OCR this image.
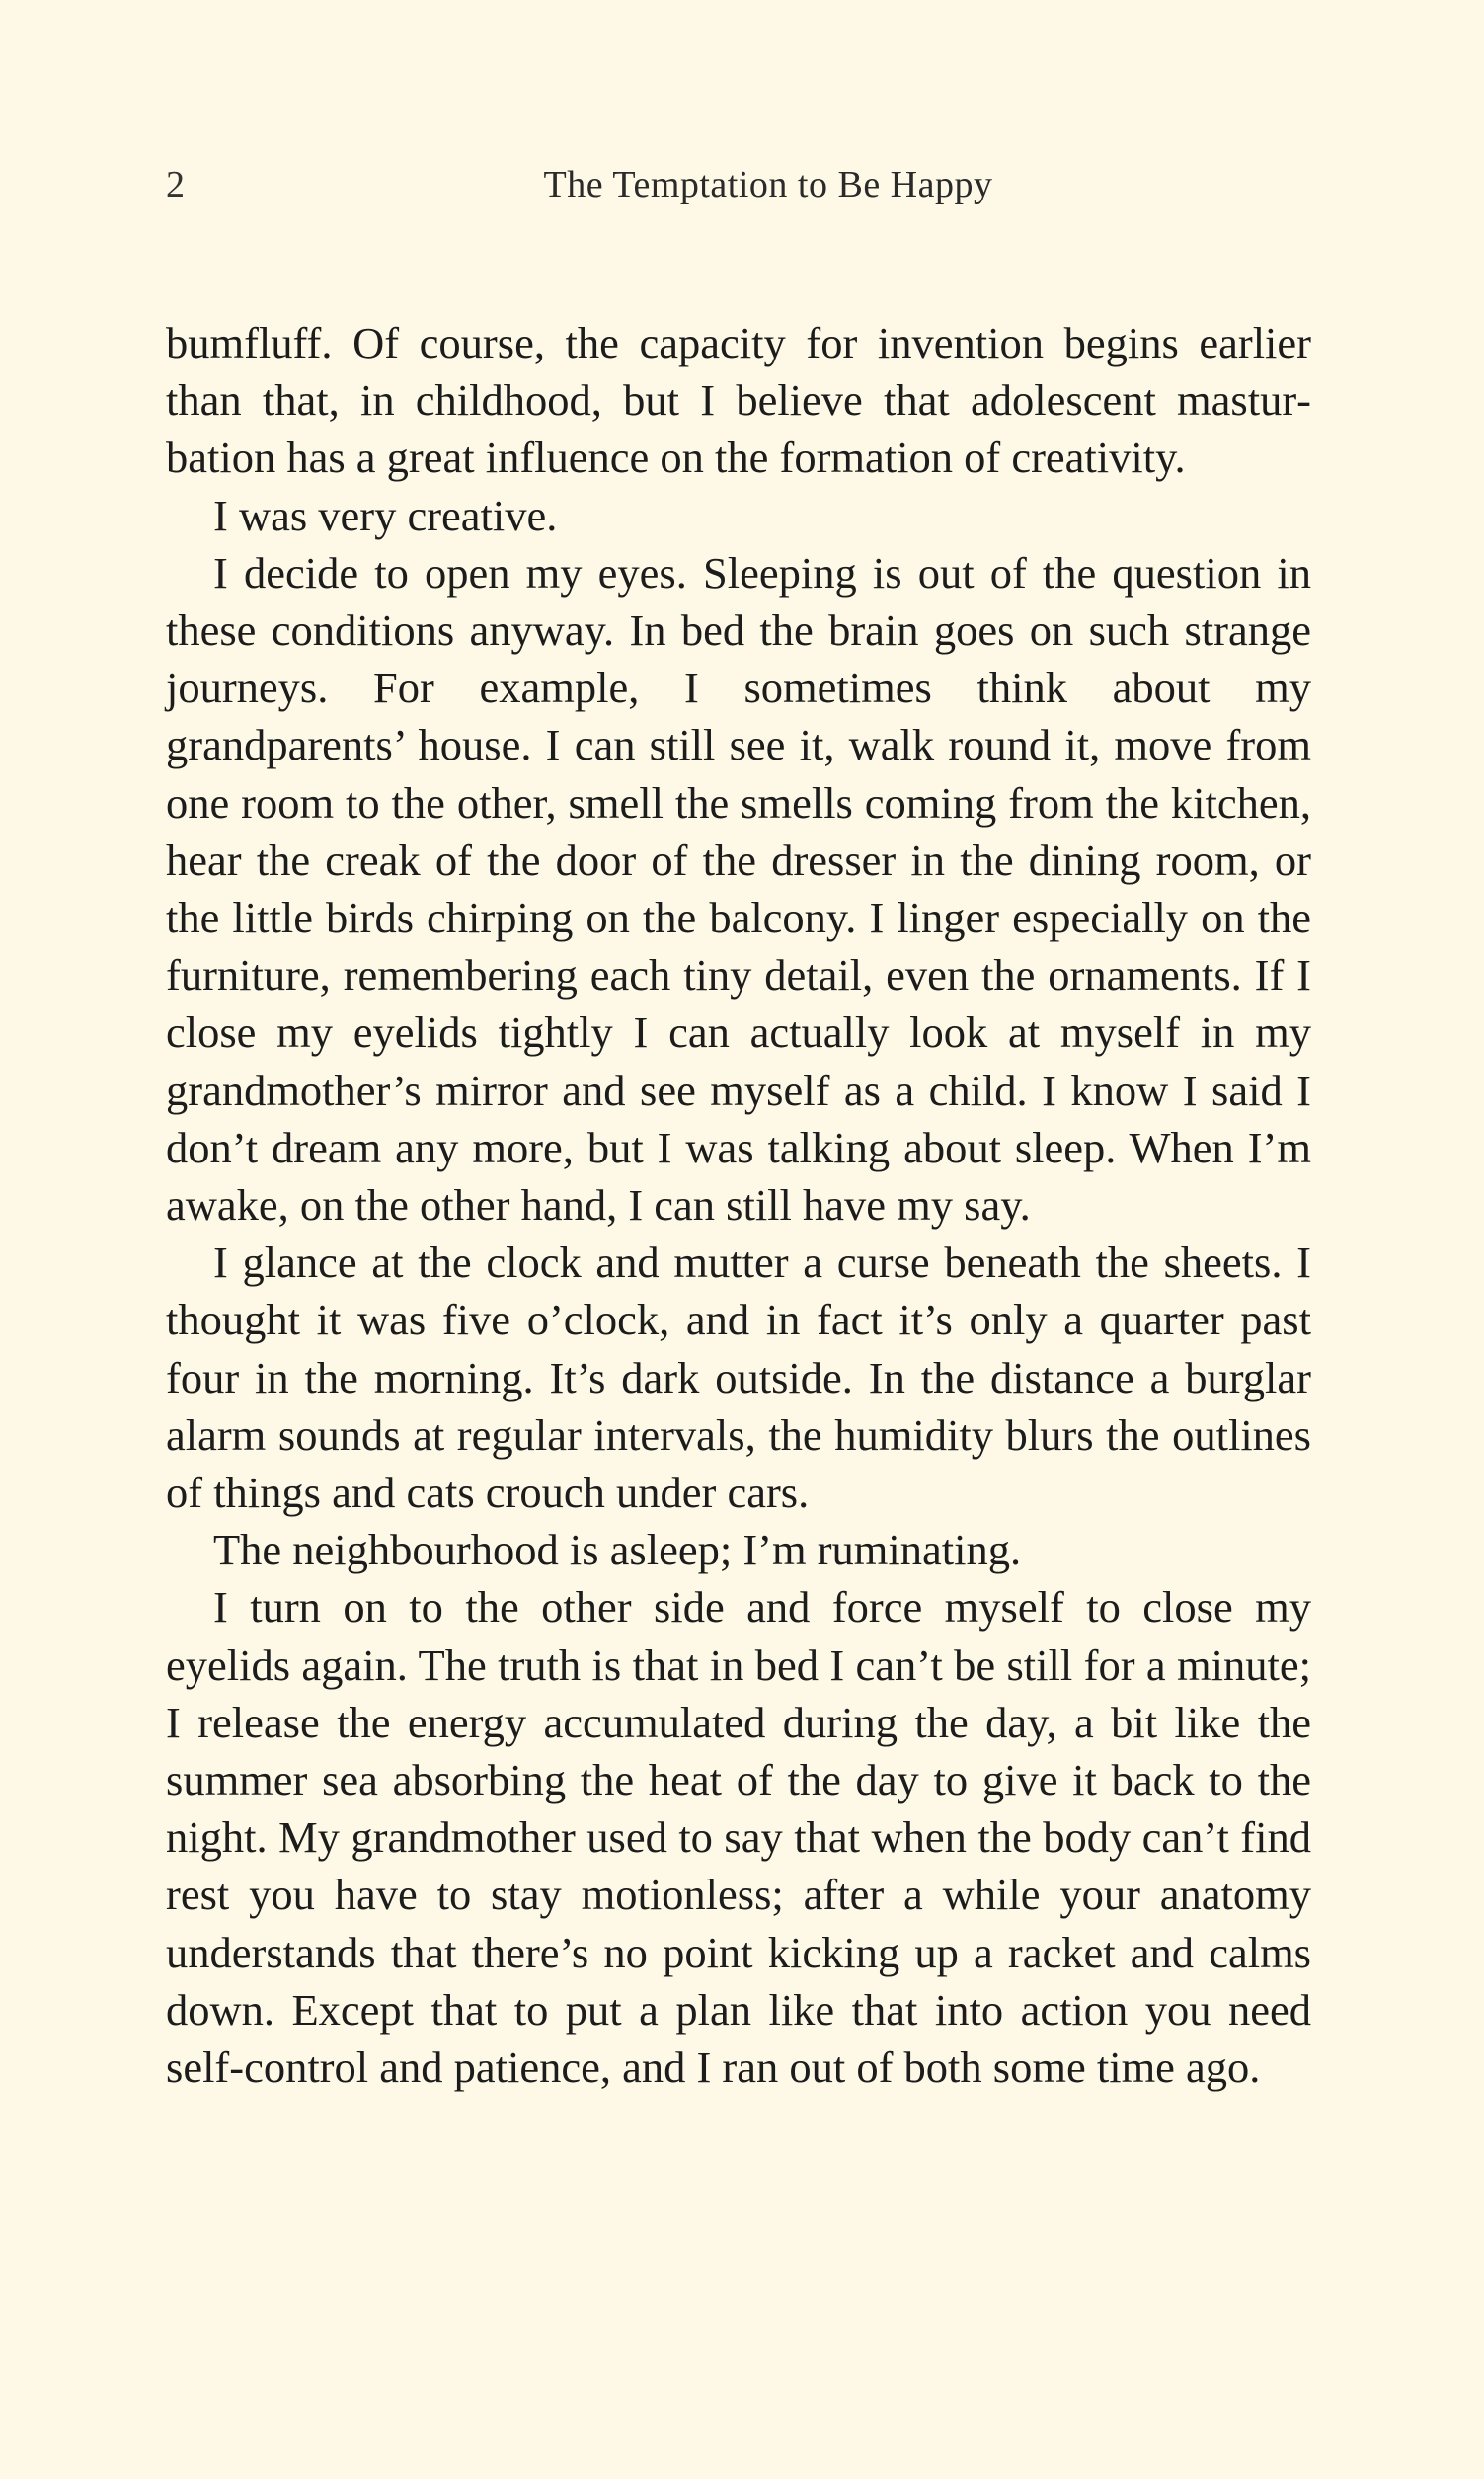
2	The Temptation to Be Happy

bumfluff. Of course, the capacity for invention begins earlier than that, in childhood, but I believe that adolescent masturbation has a great influence on the formation of creativity.

I was very creative.

I decide to open my eyes. Sleeping is out of the question in these conditions anyway. In bed the brain goes on such strange journeys. For example, I sometimes think about my grandparents’ house. I can still see it, walk round it, move from one room to the other, smell the smells coming from the kitchen, hear the creak of the door of the dresser in the dining room, or the little birds chirping on the balcony. I linger especially on the furniture, remembering each tiny detail, even the ornaments. If I close my eyelids tightly I can actually look at myself in my grandmother’s mirror and see myself as a child. I know I said I don’t dream any more, but I was talking about sleep. When I’m awake, on the other hand, I can still have my say.

I glance at the clock and mutter a curse beneath the sheets. I thought it was five o’clock, and in fact it’s only a quarter past four in the morning. It’s dark outside. In the distance a burglar alarm sounds at regular intervals, the humidity blurs the outlines of things and cats crouch under cars.

The neighbourhood is asleep; I’m ruminating.

I turn on to the other side and force myself to close my eyelids again. The truth is that in bed I can’t be still for a minute; I release the energy accumulated during the day, a bit like the summer sea absorbing the heat of the day to give it back to the night. My grandmother used to say that when the body can’t find rest you have to stay motionless; after a while your anatomy understands that there’s no point kicking up a racket and calms down. Except that to put a plan like that into action you need self-control and patience, and I ran out of both some time ago.
